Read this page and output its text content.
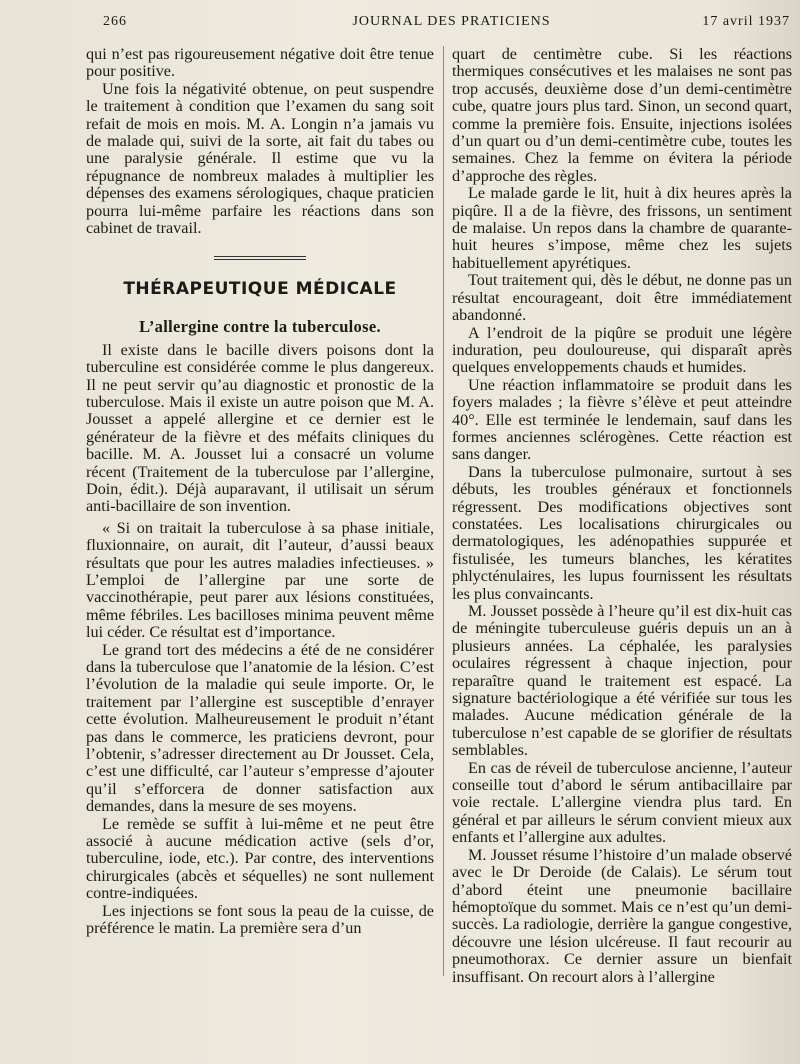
266	JOURNAL DES PRATICIENS	17 avril 1937

qui n’est pas rigoureusement négative doit être tenue pour positive.

Une fois la négativité obtenue, on peut suspendre le traitement à condition que l’examen du sang soit refait de mois en mois. M. A. Longin n’a jamais vu de malade qui, suivi de la sorte, ait fait du tabes ou une paralysie générale. Il estime que vu la répugnance de nombreux malades à multiplier les dépenses des examens sérologiques, chaque praticien pourra lui-même parfaire les réactions dans son cabinet de travail.

THÉRAPEUTIQUE MÉDICALE
L’allergine contre la tuberculose.

Il existe dans le bacille divers poisons dont la tuberculine est considérée comme le plus dangereux. Il ne peut servir qu’au diagnostic et pronostic de la tuberculose. Mais il existe un autre poison que M. A. Jousset a appelé allergine et ce dernier est le générateur de la fièvre et des méfaits cliniques du bacille. M. A. Jousset lui a consacré un volume récent (Traitement de la tuberculose par l’allergine, Doin, édit.). Déjà auparavant, il utilisait un sérum anti-bacillaire de son invention.

« Si on traitait la tuberculose à sa phase initiale, fluxionnaire, on aurait, dit l’auteur, d’aussi beaux résultats que pour les autres maladies infectieuses. » L’emploi de l’allergine par une sorte de vaccinothérapie, peut parer aux lésions constituées, même fébriles. Les bacilloses minima peuvent même lui céder. Ce résultat est d’importance.

Le grand tort des médecins a été de ne considérer dans la tuberculose que l’anatomie de la lésion. C’est l’évolution de la maladie qui seule importe. Or, le traitement par l’allergine est susceptible d’enrayer cette évolution. Malheureusement le produit n’étant pas dans le commerce, les praticiens devront, pour l’obtenir, s’adresser directement au Dr Jousset. Cela, c’est une difficulté, car l’auteur s’empresse d’ajouter qu’il s’efforcera de donner satisfaction aux demandes, dans la mesure de ses moyens.

Le remède se suffit à lui-même et ne peut être associé à aucune médication active (sels d’or, tuberculine, iode, etc.). Par contre, des interventions chirurgicales (abcès et séquelles) ne sont nullement contre-indiquées.

Les injections se font sous la peau de la cuisse, de préférence le matin. La première sera d’un

quart de centimètre cube. Si les réactions thermiques consécutives et les malaises ne sont pas trop accusés, deuxième dose d’un demi-centimètre cube, quatre jours plus tard. Sinon, un second quart, comme la première fois. Ensuite, injections isolées d’un quart ou d’un demi-centimètre cube, toutes les semaines. Chez la femme on évitera la période d’approche des règles.

Le malade garde le lit, huit à dix heures après la piqûre. Il a de la fièvre, des frissons, un sentiment de malaise. Un repos dans la chambre de quarante-huit heures s’impose, même chez les sujets habituellement apyrétiques.

Tout traitement qui, dès le début, ne donne pas un résultat encourageant, doit être immédiatement abandonné.

A l’endroit de la piqûre se produit une légère induration, peu douloureuse, qui disparaît après quelques enveloppements chauds et humides.

Une réaction inflammatoire se produit dans les foyers malades ; la fièvre s’élève et peut atteindre 40°. Elle est terminée le lendemain, sauf dans les formes anciennes sclérogènes. Cette réaction est sans danger.

Dans la tuberculose pulmonaire, surtout à ses débuts, les troubles généraux et fonctionnels régressent. Des modifications objectives sont constatées. Les localisations chirurgicales ou dermatologiques, les adénopathies suppurée et fistulisée, les tumeurs blanches, les kératites phlycténulaires, les lupus fournissent les résultats les plus convaincants.

M. Jousset possède à l’heure qu’il est dix-huit cas de méningite tuberculeuse guéris depuis un an à plusieurs années. La céphalée, les paralysies oculaires régressent à chaque injection, pour reparaître quand le traitement est espacé. La signature bactériologique a été vérifiée sur tous les malades. Aucune médication générale de la tuberculose n’est capable de se glorifier de résultats semblables.

En cas de réveil de tuberculose ancienne, l’auteur conseille tout d’abord le sérum antibacillaire par voie rectale. L’allergine viendra plus tard. En général et par ailleurs le sérum convient mieux aux enfants et l’allergine aux adultes.

M. Jousset résume l’histoire d’un malade observé avec le Dr Deroide (de Calais). Le sérum tout d’abord éteint une pneumonie bacillaire hémoptoïque du sommet. Mais ce n’est qu’un demi-succès. La radiologie, derrière la gangue congestive, découvre une lésion ulcéreuse. Il faut recourir au pneumothorax. Ce dernier assure un bienfait insuffisant. On recourt alors à l’allergine
